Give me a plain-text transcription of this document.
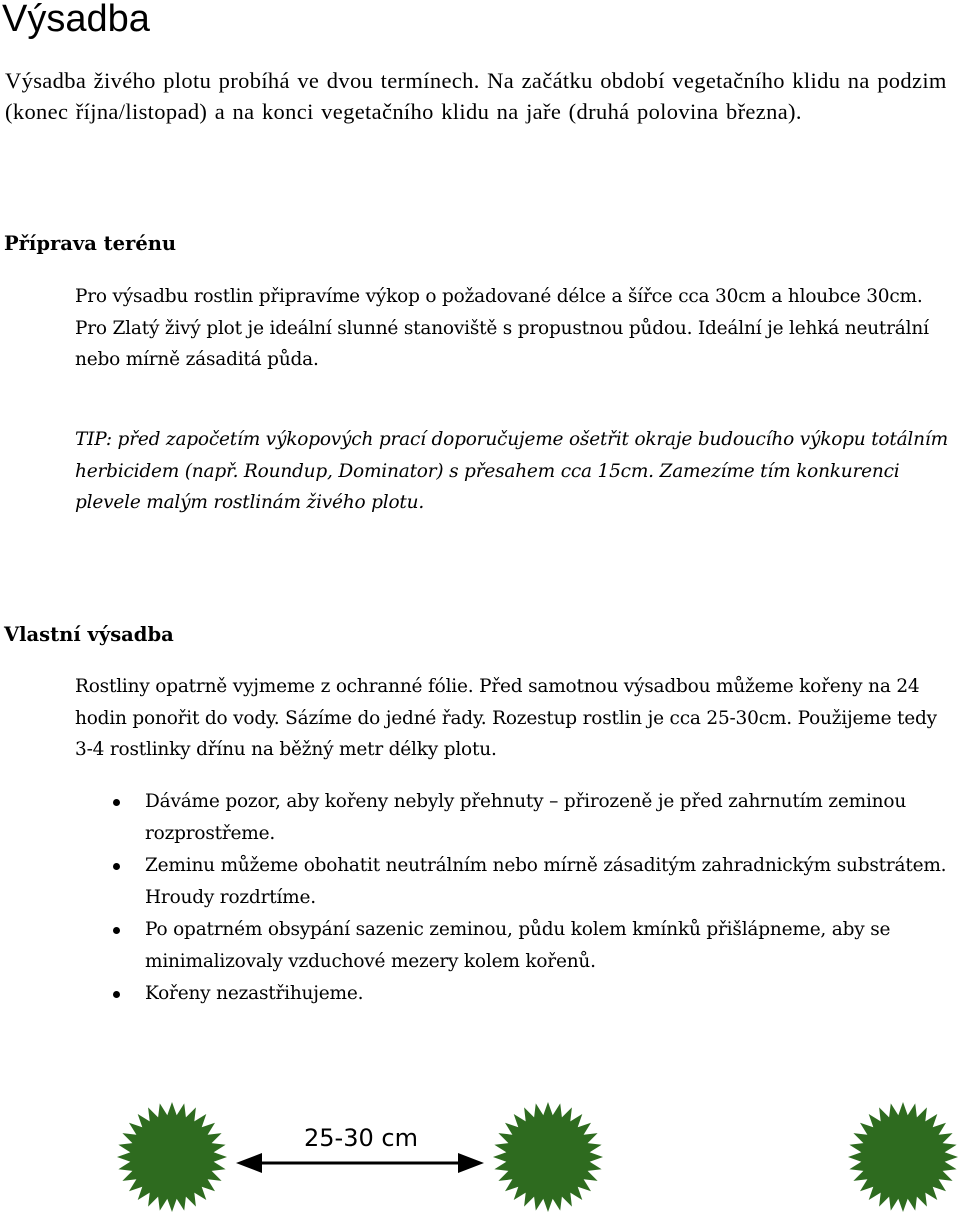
Výsadba

Výsadba živého plotu probíhá ve dvou termínech. Na začátku období vegetačního klidu na podzim (konec října/listopad) a na konci vegetačního klidu na jaře (druhá polovina března).

Příprava terénu

Pro výsadbu rostlin připravíme výkop o požadované délce a šířce cca 30cm a hloubce 30cm. Pro Zlatý živý plot je ideální slunné stanoviště s propustnou půdou. Ideální je lehká neutrální nebo mírně zásaditá půda.

TIP: před započetím výkopových prací doporučujeme ošetřit okraje budoucího výkopu totálním herbicidem (např. Roundup, Dominator) s přesahem cca 15cm. Zamezíme tím konkurenci plevele malým rostlinám živého plotu.

Vlastní výsadba

Rostliny opatrně vyjmeme z ochranné fólie. Před samotnou výsadbou můžeme kořeny na 24 hodin ponořit do vody. Sázíme do jedné řady. Rozestup rostlin je cca 25-30cm. Použijeme tedy 3-4 rostlinky dřínu na běžný metr délky plotu.

Dáváme pozor, aby kořeny nebyly přehnuty – přirozeně je před zahrnutím zeminou rozprostřeme.
Zeminu můžeme obohatit neutrálním nebo mírně zásaditým zahradnickým substrátem. Hroudy rozdrtíme.
Po opatrném obsypání sazenic zeminou, půdu kolem kmínků přišlápneme, aby se minimalizovaly vzduchové mezery kolem kořenů.
Kořeny nezastřihujeme.
25-30 cm
